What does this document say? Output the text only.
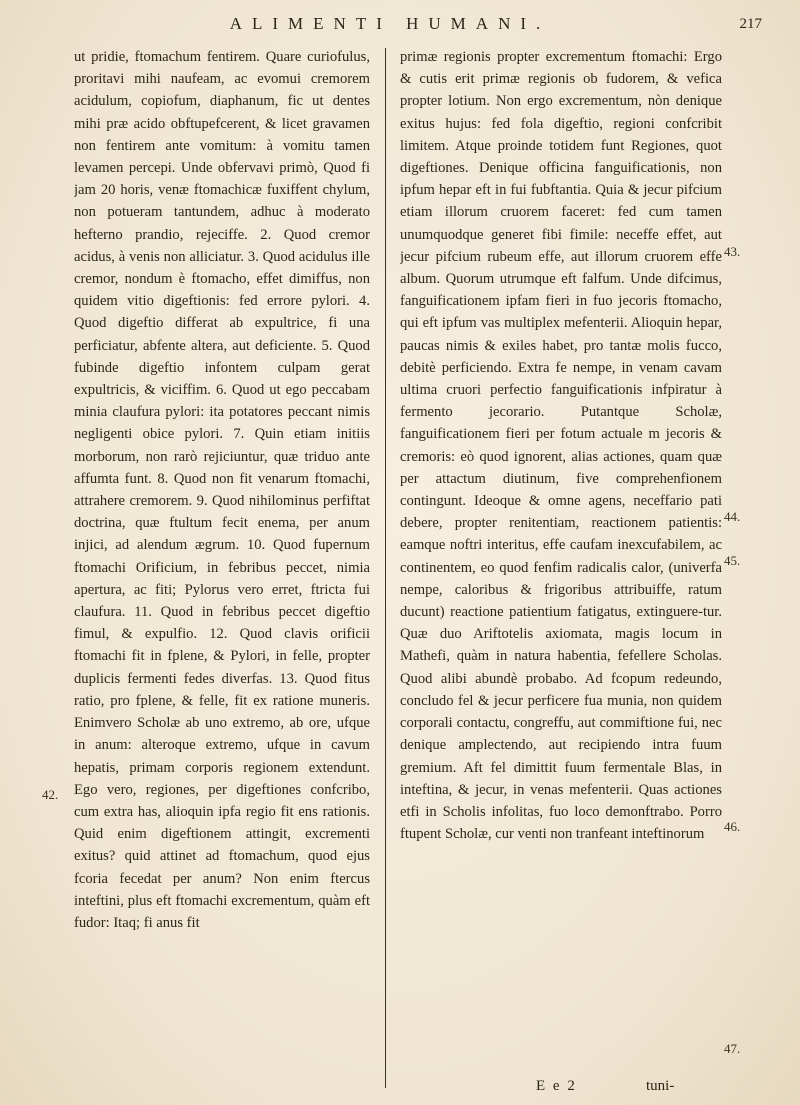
ALIMENTI HUMANI.	217

ut pridie, ftomachum fentirem. Quare curiofulus, proritavi mihi naufeam, ac evomui cremorem acidulum, copiofum, diaphanum, fic ut dentes mihi præ acido obftupefcerent, & licet gravamen non fentirem ante vomitum: à vomitu tamen levamen percepi. Unde obfervavi primò, Quod fi jam 20 horis, venæ ftomachicæ fuxiffent chylum, non potueram tantundem, adhuc à moderato hefterno prandio, rejeciffe. 2. Quod cremor acidus, à venis non alliciatur. 3. Quod acidulus ille cremor, nondum è ftomacho, effet dimiffus, non quidem vitio digeftionis: fed errore pylori. 4. Quod digeftio differat ab expultrice, fi una perficiatur, abfente altera, aut deficiente. 5. Quod fubinde digeftio infontem culpam gerat expultricis, & viciffim. 6. Quod ut ego peccabam minia claufura pylori: ita potatores peccant nimis negligenti obice pylori. 7. Quin etiam initiis morborum, non rarò rejiciuntur, quæ triduo ante affumta funt. 8. Quod non fit venarum ftomachi, attrahere cremorem. 9. Quod nihilominus perfiftat doctrina, quæ ftultum fecit enema, per anum injici, ad alendum ægrum. 10. Quod fupernum ftomachi Orificium, in febribus peccet, nimia apertura, ac fiti; Pylorus vero erret, ftricta fui claufura. 11. Quod in febribus peccet digeftio fimul, & expulfio. 12. Quod clavis orificii ftomachi fit in fplene, & Pylori, in felle, propter duplicis fermenti fedes diverfas. 13. Quod fitus ratio, pro fplene, & felle, fit ex ratione muneris. Enimvero Scholæ ab uno extremo, ab ore, ufque in anum: alteroque extremo, ufque in cavum hepatis, primam corporis regionem extendunt. Ego vero, regiones, per digeftiones confcribo, cum extra has, alioquin ipfa regio fit ens rationis. Quid enim digeftionem attingit, excrementi exitus? quid attinet ad ftomachum, quod ejus fcoria fecedat per anum? Non enim ftercus inteftini, plus eft ftomachi excrementum, quàm eft fudor: Itaq; fi anus fit

primæ regionis propter excrementum ftomachi: Ergo & cutis erit primæ regionis ob fudorem, & vefica propter lotium. Non ergo excrementum, nòn denique exitus hujus: fed fola digeftio, regioni confcribit limitem. Atque proinde totidem funt Regiones, quot digeftiones. Denique officina fanguificationis, non ipfum hepar eft in fui fubftantia. Quia & jecur pifcium etiam illorum cruorem faceret: fed cum tamen unumquodque generet fibi fimile: neceffe effet, aut jecur pifcium rubeum effe, aut illorum cruorem effe album. Quorum utrumque eft falfum. Unde difcimus, fanguificationem ipfam fieri in fuo jecoris ftomacho, qui eft ipfum vas multiplex mefenterii. Alioquin hepar, paucas nimis & exiles habet, pro tantæ molis fucco, debitè perficiendo. Extra fe nempe, in venam cavam ultima cruori perfectio fanguificationis infpiratur à fermento jecorario. Putantque Scholæ, fanguificationem fieri per fotum actuale m jecoris & cremoris: eò quod ignorent, alias actiones, quam quæ per attactum diutinum, five comprehenfionem contingunt. Ideoque & omne agens, neceffario pati debere, propter renitentiam, reactionem patientis: eamque noftri interitus, effe caufam inexcufabilem, ac continentem, eo quod fenfim radicalis calor, (univerfa nempe, caloribus & frigoribus attribuiffe, ratum ducunt) reactione patientium fatigatus, extinguere-tur. Quæ duo Ariftotelis axiomata, magis locum in Mathefi, quàm in natura habentia, fefellere Scholas. Quod alibi abundè probabo. Ad fcopum redeundo, concludo fel & jecur perficere fua munia, non quidem corporali contactu, congreffu, aut commiftione fui, nec denique amplectendo, aut recipiendo intra fuum gremium. Aft fel dimittit fuum fermentale Blas, in inteftina, & jecur, in venas mefenterii. Quas actiones etfi in Scholis infolitas, fuo loco demonftrabo. Porro ftupent Scholæ, cur venti non tranfeant inteftinorum

42.
43.
44.
45.
46.
47.
E e 2	tuni-
